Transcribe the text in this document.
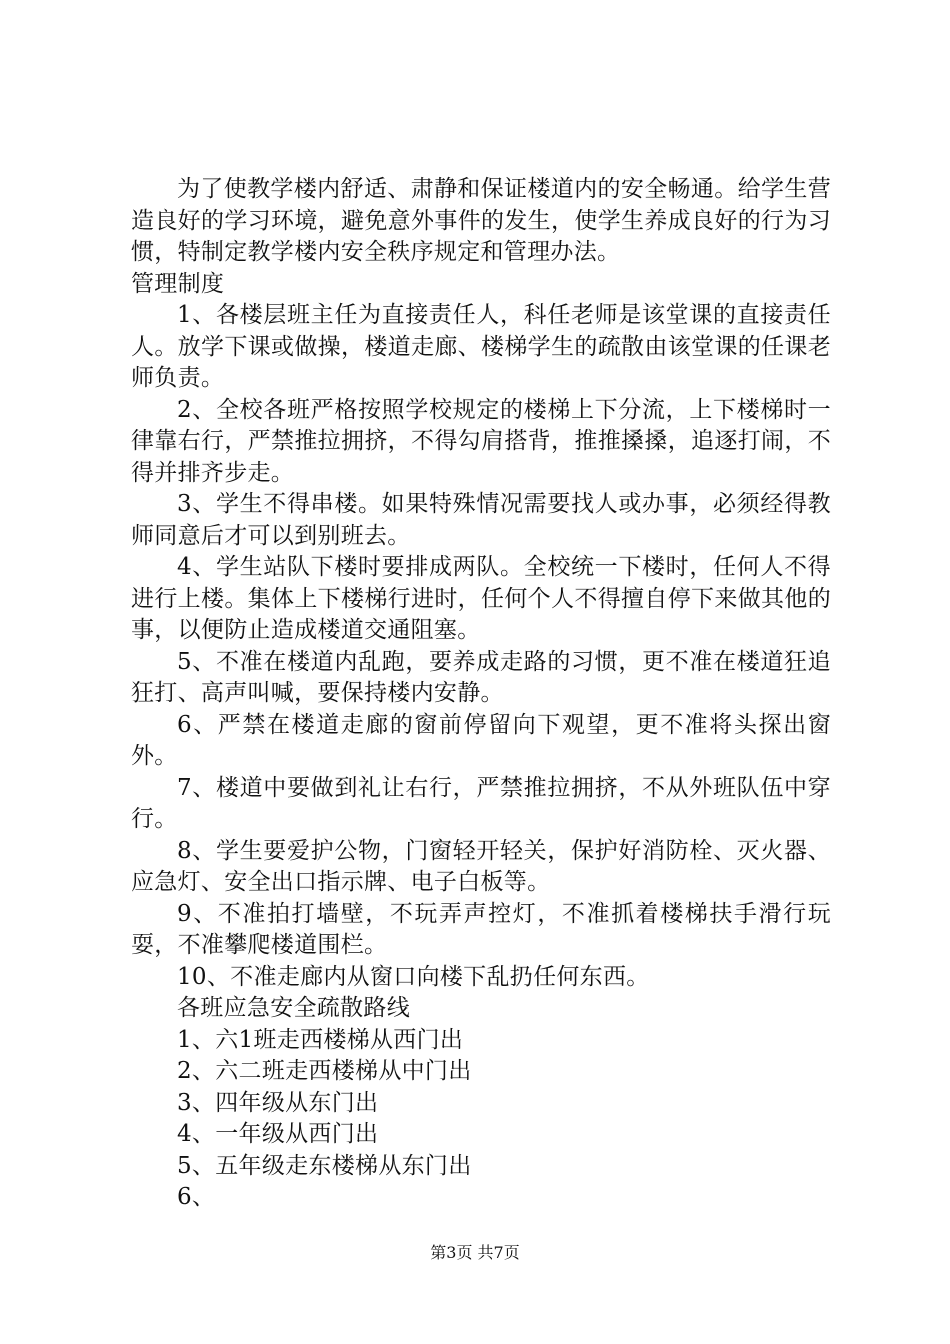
为了使教学楼内舒适、肃静和保证楼道内的安全畅通。给学生营造良好的学习环境，避免意外事件的发生，使学生养成良好的行为习惯，特制定教学楼内安全秩序规定和管理办法。

管理制度

1、各楼层班主任为直接责任人，科任老师是该堂课的直接责任人。放学下课或做操，楼道走廊、楼梯学生的疏散由该堂课的任课老师负责。

2、全校各班严格按照学校规定的楼梯上下分流，上下楼梯时一律靠右行，严禁推拉拥挤，不得勾肩搭背，推推搡搡，追逐打闹，不得并排齐步走。

3、学生不得串楼。如果特殊情况需要找人或办事，必须经得教师同意后才可以到别班去。

4、学生站队下楼时要排成两队。全校统一下楼时，任何人不得进行上楼。集体上下楼梯行进时，任何个人不得擅自停下来做其他的事，以便防止造成楼道交通阻塞。

5、不准在楼道内乱跑，要养成走路的习惯，更不准在楼道狂追狂打、高声叫喊，要保持楼内安静。

6、严禁在楼道走廊的窗前停留向下观望，更不准将头探出窗外。

7、楼道中要做到礼让右行，严禁推拉拥挤，不从外班队伍中穿行。

8、学生要爱护公物，门窗轻开轻关，保护好消防栓、灭火器、应急灯、安全出口指示牌、电子白板等。

9、不准拍打墙壁，不玩弄声控灯，不准抓着楼梯扶手滑行玩耍，不准攀爬楼道围栏。

10、不准走廊内从窗口向楼下乱扔任何东西。

各班应急安全疏散路线

1、六1班走西楼梯从西门出

2、六二班走西楼梯从中门出

3、四年级从东门出

4、一年级从西门出

5、五年级走东楼梯从东门出

6、

第3页 共7页
